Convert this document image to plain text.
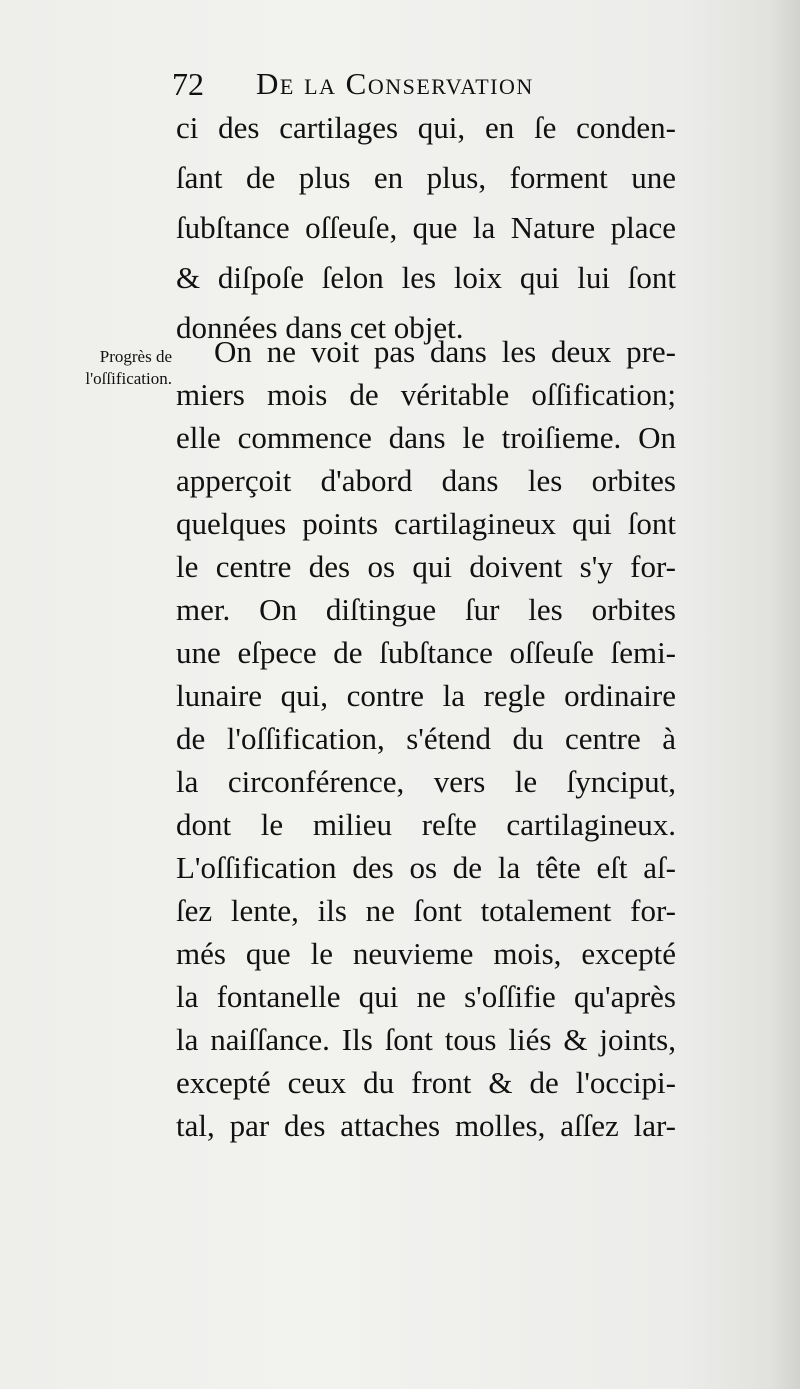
72 De la Conservation
Progrès de
l'oſſification.
ci des cartilages qui, en ſe conden-
ſant de plus en plus, forment une
ſubſtance oſſeuſe, que la Nature place
& diſpoſe ſelon les loix qui lui ſont
données dans cet objet.
On ne voit pas dans les deux pre-
miers mois de véritable oſſification;
elle commence dans le troiſieme. On
apperçoit d'abord dans les orbites
quelques points cartilagineux qui ſont
le centre des os qui doivent s'y for-
mer. On diſtingue ſur les orbites
une eſpece de ſubſtance oſſeuſe ſemi-
lunaire qui, contre la regle ordinaire
de l'oſſification, s'étend du centre à
la circonférence, vers le ſynciput,
dont le milieu reſte cartilagineux.
L'oſſification des os de la tête eſt aſ-
ſez lente, ils ne ſont totalement for-
més que le neuvieme mois, excepté
la fontanelle qui ne s'oſſifie qu'après
la naiſſance. Ils ſont tous liés & joints,
excepté ceux du front & de l'occipi-
tal, par des attaches molles, aſſez lar-
